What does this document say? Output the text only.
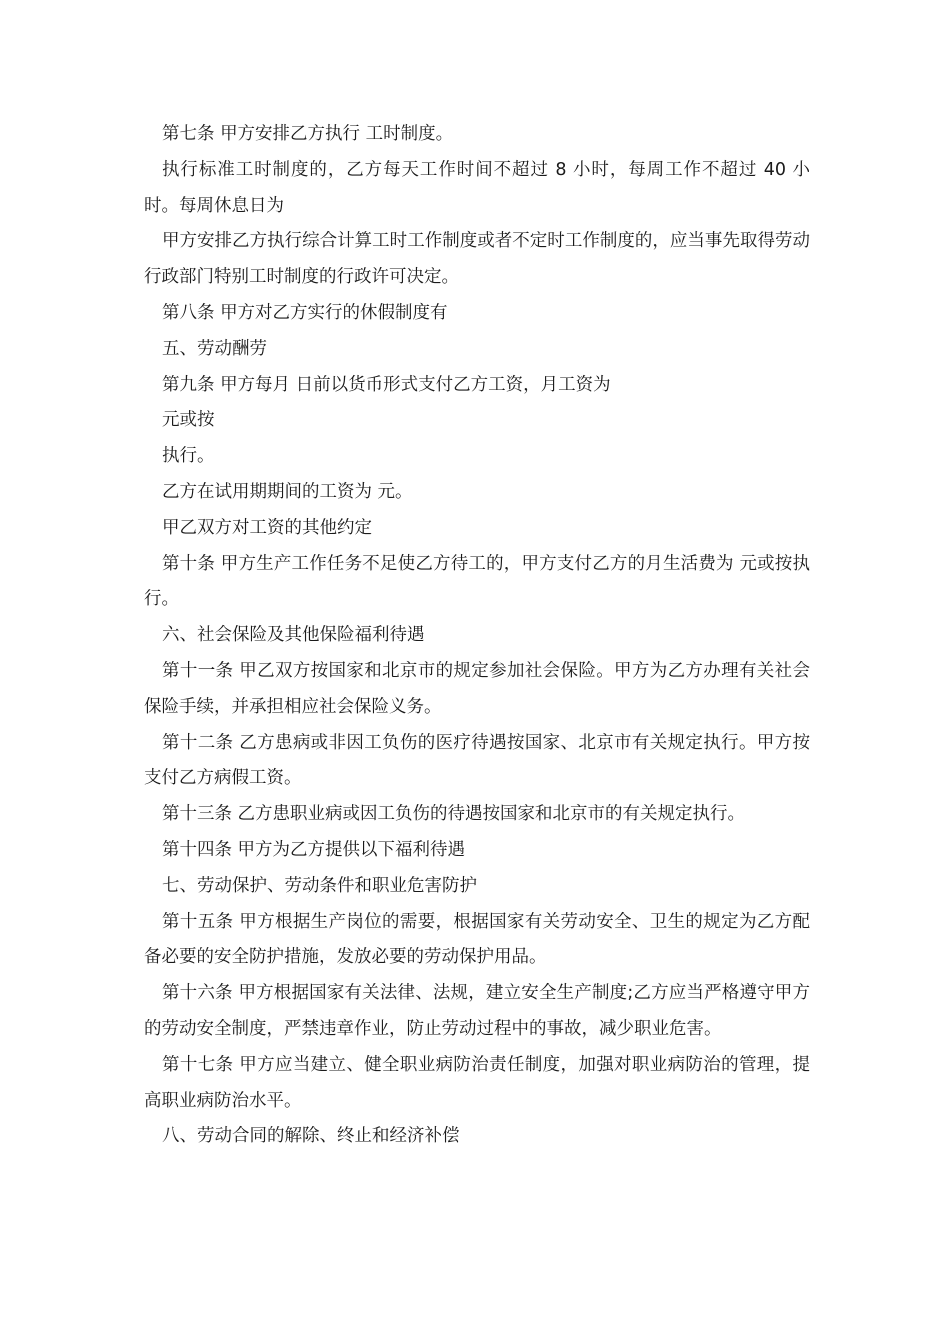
第七条 甲方安排乙方执行 工时制度。

执行标准工时制度的，乙方每天工作时间不超过 8 小时，每周工作不超过 40 小时。每周休息日为

甲方安排乙方执行综合计算工时工作制度或者不定时工作制度的，应当事先取得劳动行政部门特别工时制度的行政许可决定。

第八条 甲方对乙方实行的休假制度有

五、劳动酬劳

第九条 甲方每月 日前以货币形式支付乙方工资，月工资为

元或按

执行。

乙方在试用期期间的工资为 元。

甲乙双方对工资的其他约定

第十条 甲方生产工作任务不足使乙方待工的，甲方支付乙方的月生活费为 元或按执行。

六、社会保险及其他保险福利待遇

第十一条 甲乙双方按国家和北京市的规定参加社会保险。甲方为乙方办理有关社会保险手续，并承担相应社会保险义务。

第十二条 乙方患病或非因工负伤的医疗待遇按国家、北京市有关规定执行。甲方按支付乙方病假工资。

第十三条 乙方患职业病或因工负伤的待遇按国家和北京市的有关规定执行。

第十四条 甲方为乙方提供以下福利待遇

七、劳动保护、劳动条件和职业危害防护

第十五条 甲方根据生产岗位的需要，根据国家有关劳动安全、卫生的规定为乙方配备必要的安全防护措施，发放必要的劳动保护用品。

第十六条 甲方根据国家有关法律、法规，建立安全生产制度;乙方应当严格遵守甲方的劳动安全制度，严禁违章作业，防止劳动过程中的事故，减少职业危害。

第十七条 甲方应当建立、健全职业病防治责任制度，加强对职业病防治的管理，提高职业病防治水平。

八、劳动合同的解除、终止和经济补偿
